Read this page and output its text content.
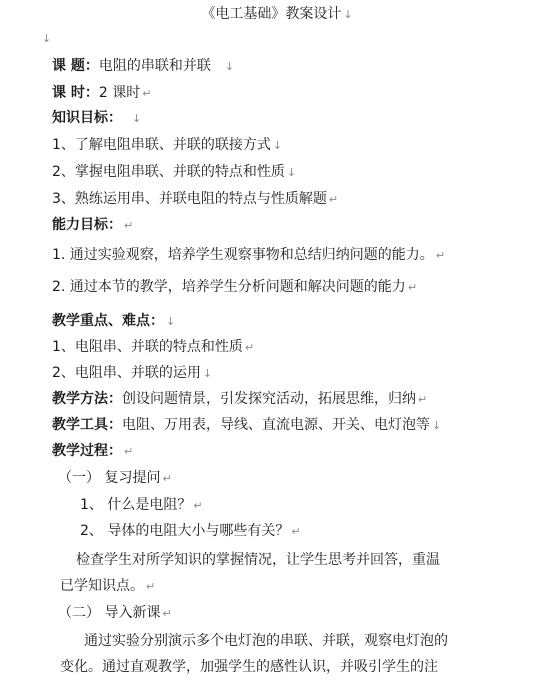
《电工基础》教案设计 ↓
↓
课 题：电阻的串联和并联 ↓
课 时：2 课时 ↵
知识目标： ↓
1、了解电阻串联、并联的联接方式 ↓
2、掌握电阻串联、并联的特点和性质 ↓
3、熟练运用串、并联电阻的特点与性质解题 ↵
能力目标： ↵
1. 通过实验观察，培养学生观察事物和总结归纳问题的能力。 ↵
2. 通过本节的教学，培养学生分析问题和解决问题的能力 ↵
教学重点、难点： ↓
1、电阻串、并联的特点和性质 ↵
2、电阻串、并联的运用 ↓
教学方法：创设问题情景，引发探究活动，拓展思维，归纳 ↵
教学工具：电阻、万用表，导线、直流电源、开关、电灯泡等 ↓
教学过程： ↵
（一） 复习提问 ↵
1、 什么是电阻？ ↵
2、 导体的电阻大小与哪些有关？ ↵
检查学生对所学知识的掌握情况，让学生思考并回答，重温
已学知识点。 ↵
（二） 导入新课 ↵
通过实验分别演示多个电灯泡的串联、并联，观察电灯泡的
变化。通过直观教学，加强学生的感性认识，并吸引学生的注
